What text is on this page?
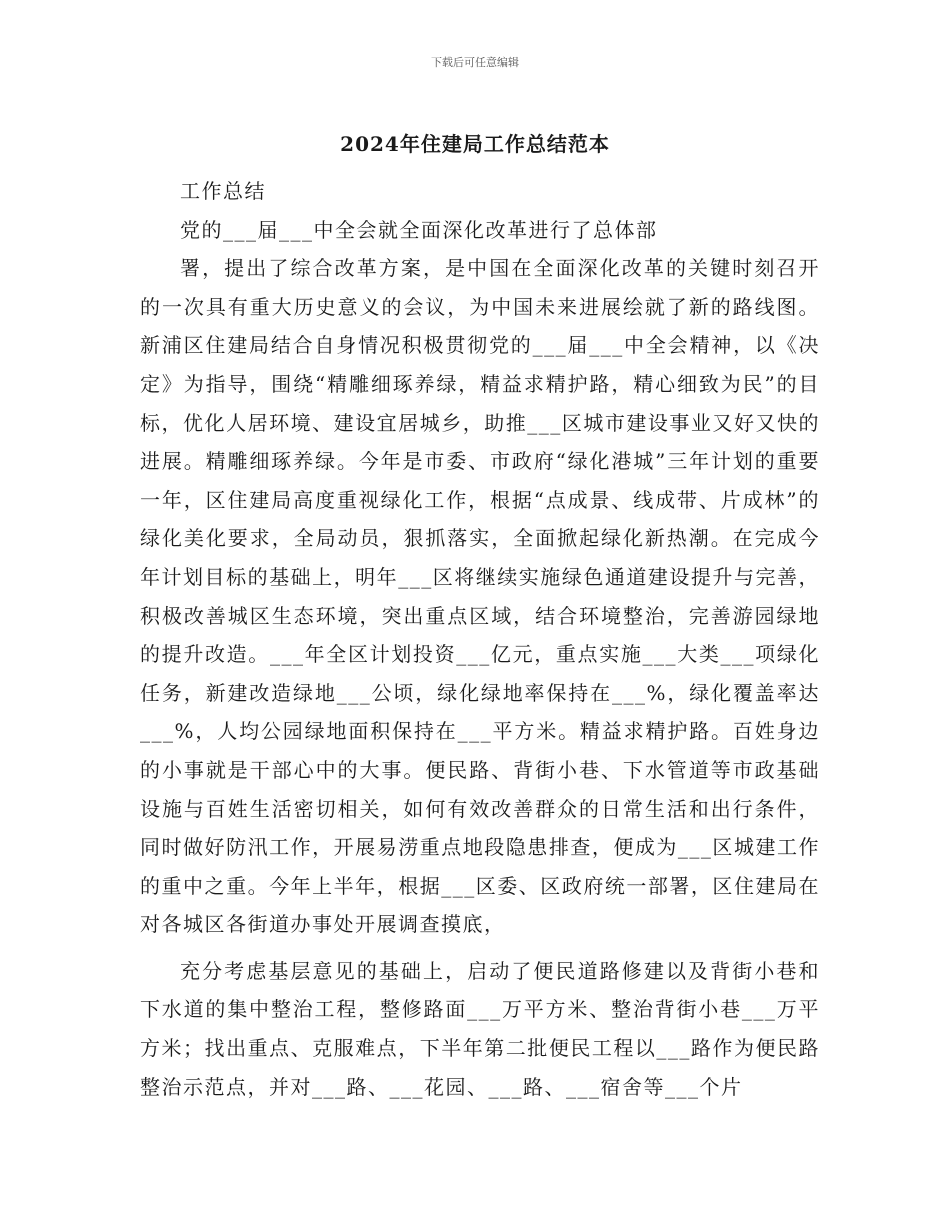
下载后可任意编辑
2024年住建局工作总结范本

工作总结

党的___届___中全会就全面深化改革进行了总体部

署，提出了综合改革方案，是中国在全面深化改革的关键时刻召开的一次具有重大历史意义的会议，为中国未来进展绘就了新的路线图。新浦区住建局结合自身情况积极贯彻党的___届___中全会精神，以《决定》为指导，围绕“精雕细琢养绿，精益求精护路，精心细致为民”的目标，优化人居环境、建设宜居城乡，助推___区城市建设事业又好又快的进展。精雕细琢养绿。今年是市委、市政府“绿化港城”三年计划的重要一年，区住建局高度重视绿化工作，根据“点成景、线成带、片成林”的绿化美化要求，全局动员，狠抓落实，全面掀起绿化新热潮。在完成今年计划目标的基础上，明年___区将继续实施绿色通道建设提升与完善，积极改善城区生态环境，突出重点区域，结合环境整治，完善游园绿地的提升改造。___年全区计划投资___亿元，重点实施___大类___项绿化任务，新建改造绿地___公顷，绿化绿地率保持在___%，绿化覆盖率达___%，人均公园绿地面积保持在___平方米。精益求精护路。百姓身边的小事就是干部心中的大事。便民路、背街小巷、下水管道等市政基础设施与百姓生活密切相关，如何有效改善群众的日常生活和出行条件，同时做好防汛工作，开展易涝重点地段隐患排查，便成为___区城建工作的重中之重。今年上半年，根据___区委、区政府统一部署，区住建局在对各城区各街道办事处开展调查摸底，

充分考虑基层意见的基础上，启动了便民道路修建以及背街小巷和下水道的集中整治工程，整修路面___万平方米、整治背街小巷___万平方米；找出重点、克服难点，下半年第二批便民工程以___路作为便民路整治示范点，并对___路、___花园、___路、___宿舍等___个片
